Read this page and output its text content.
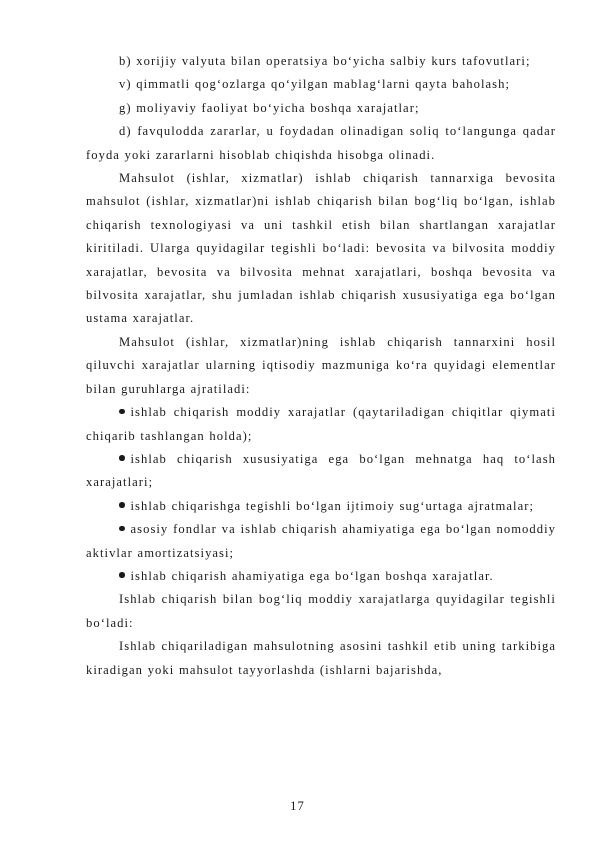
b) xorijiy valyuta bilan operatsiya bo‘yicha salbiy kurs tafovutlari;

v) qimmatli qog‘ozlarga qo‘yilgan mablag‘larni qayta baholash;

g) moliyaviy faoliyat bo‘yicha boshqa xarajatlar;

d) favqulodda zararlar, u foydadan olinadigan soliq to‘langunga qadar foyda yoki zararlarni hisoblab chiqishda hisobga olinadi.

Mahsulot (ishlar, xizmatlar) ishlab chiqarish tannarxiga bevosita mahsulot (ishlar, xizmatlar)ni ishlab chiqarish bilan bog‘liq bo‘lgan, ishlab chiqarish texnologiyasi va uni tashkil etish bilan shartlangan xarajatlar kiritiladi. Ularga quyidagilar tegishli bo‘ladi: bevosita va bilvosita moddiy xarajatlar, bevosita va bilvosita mehnat xarajatlari, boshqa bevosita va bilvosita xarajatlar, shu jumladan ishlab chiqarish xususiyatiga ega bo‘lgan ustama xarajatlar.

Mahsulot (ishlar, xizmatlar)ning ishlab chiqarish tannarxini hosil qiluvchi xarajatlar ularning iqtisodiy mazmuniga ko‘ra quyidagi elementlar bilan guruhlarga ajratiladi:

ishlab chiqarish moddiy xarajatlar (qaytariladigan chiqitlar qiymati chiqarib tashlangan holda);

ishlab chiqarish xususiyatiga ega bo‘lgan mehnatga haq to‘lash xarajatlari;

ishlab chiqarishga tegishli bo‘lgan ijtimoiy sug‘urtaga ajratmalar;

asosiy fondlar va ishlab chiqarish ahamiyatiga ega bo‘lgan nomoddiy aktivlar amortizatsiyasi;

ishlab chiqarish ahamiyatiga ega bo‘lgan boshqa xarajatlar.

Ishlab chiqarish bilan bog‘liq moddiy xarajatlarga quyidagilar tegishli bo‘ladi:

Ishlab chiqariladigan mahsulotning asosini tashkil etib uning tarkibiga kiradigan yoki mahsulot tayyorlashda (ishlarni bajarishda,

17
